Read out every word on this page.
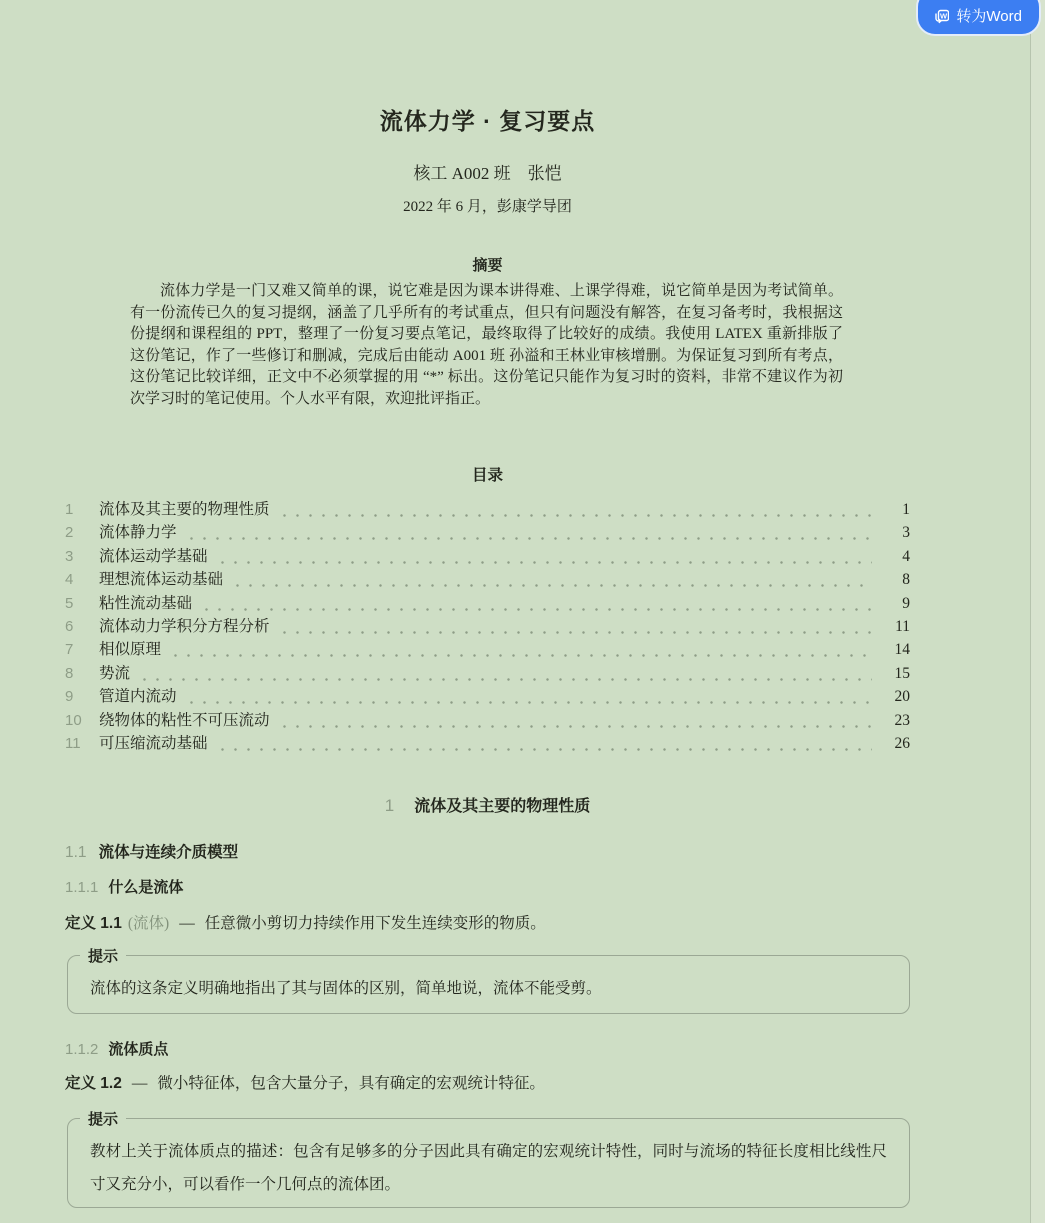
W 转为Word
流体力学 · 复习要点
核工 A002 班　张恺
2022 年 6 月，彭康学导团
摘要

流体力学是一门又难又简单的课，说它难是因为课本讲得难、上课学得难，说它简单是因为考试简单。有一份流传已久的复习提纲，涵盖了几乎所有的考试重点，但只有问题没有解答，在复习备考时，我根据这份提纲和课程组的 PPT，整理了一份复习要点笔记，最终取得了比较好的成绩。我使用 LATEX 重新排版了这份笔记，作了一些修订和删减，完成后由能动 A001 班 孙溢和王林业审核增删。为保证复习到所有考点，这份笔记比较详细，正文中不必须掌握的用 “*” 标出。这份笔记只能作为复习时的资料，非常不建议作为初次学习时的笔记使用。个人水平有限，欢迎批评指正。

目录
1	流体及其主要的物理性质	1
2	流体静力学	3
3	流体运动学基础	4
4	理想流体运动基础	8
5	粘性流动基础	9
6	流体动力学积分方程分析	11
7	相似原理	14
8	势流	15
9	管道内流动	20
10	绕物体的粘性不可压流动	23
11	可压缩流动基础	26
1 流体及其主要的物理性质
1.1 流体与连续介质模型
1.1.1 什么是流体
定义 1.1 (流体) — 任意微小剪切力持续作用下发生连续变形的物质。
提示

流体的这条定义明确地指出了其与固体的区别，简单地说，流体不能受剪。

1.1.2 流体质点
定义 1.2 — 微小特征体，包含大量分子，具有确定的宏观统计特征。
提示

教材上关于流体质点的描述：包含有足够多的分子因此具有确定的宏观统计特性，同时与流场的特征长度相比线性尺寸又充分小，可以看作一个几何点的流体团。
